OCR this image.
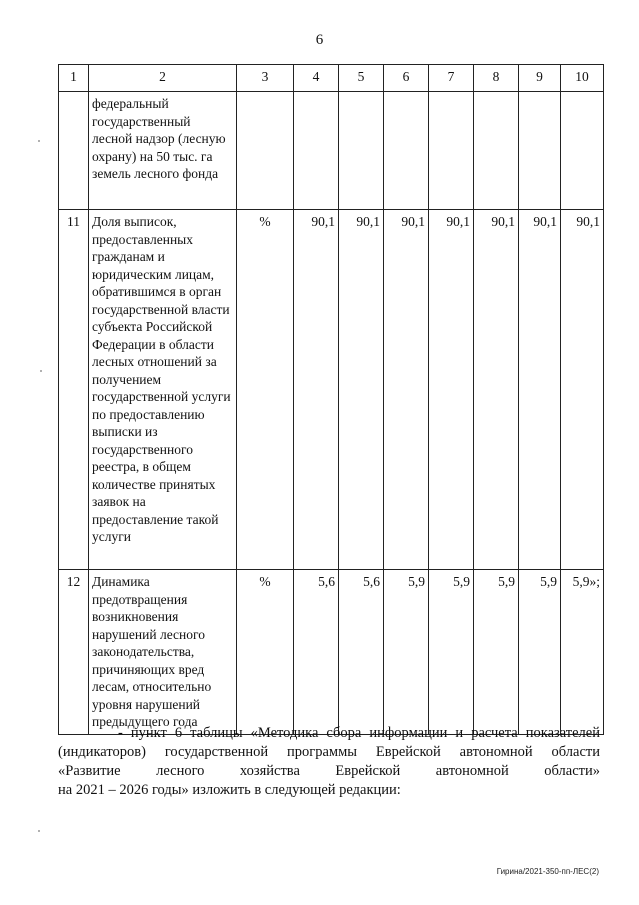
6
1	2	3	4	5	6	7	8	9	10
	федеральный государственный лесной надзор (лесную охрану) на 50 тыс. га земель лесного фонда								
11	Доля выписок, предоставленных гражданам и юридическим лицам, обратившимся в орган государственной власти субъекта Российской Федерации в области лесных отношений за получением государственной услуги по предоставлению выписки из государственного реестра, в общем количестве принятых заявок на предоставление такой услуги	%	90,1	90,1	90,1	90,1	90,1	90,1	90,1
12	Динамика предотвращения возникновения нарушений лесного законодательства, причиняющих вред лесам, относительно уровня нарушений предыдущего года	%	5,6	5,6	5,9	5,9	5,9	5,9	5,9»;
- пункт 6 таблицы «Методика сбора информации и расчета показателей
(индикаторов) государственной программы Еврейской автономной области
«Развитие лесного хозяйства Еврейской автономной области»
на 2021 – 2026 годы» изложить в следующей редакции:
Гирина/2021-350-пп-ЛЕС(2)
